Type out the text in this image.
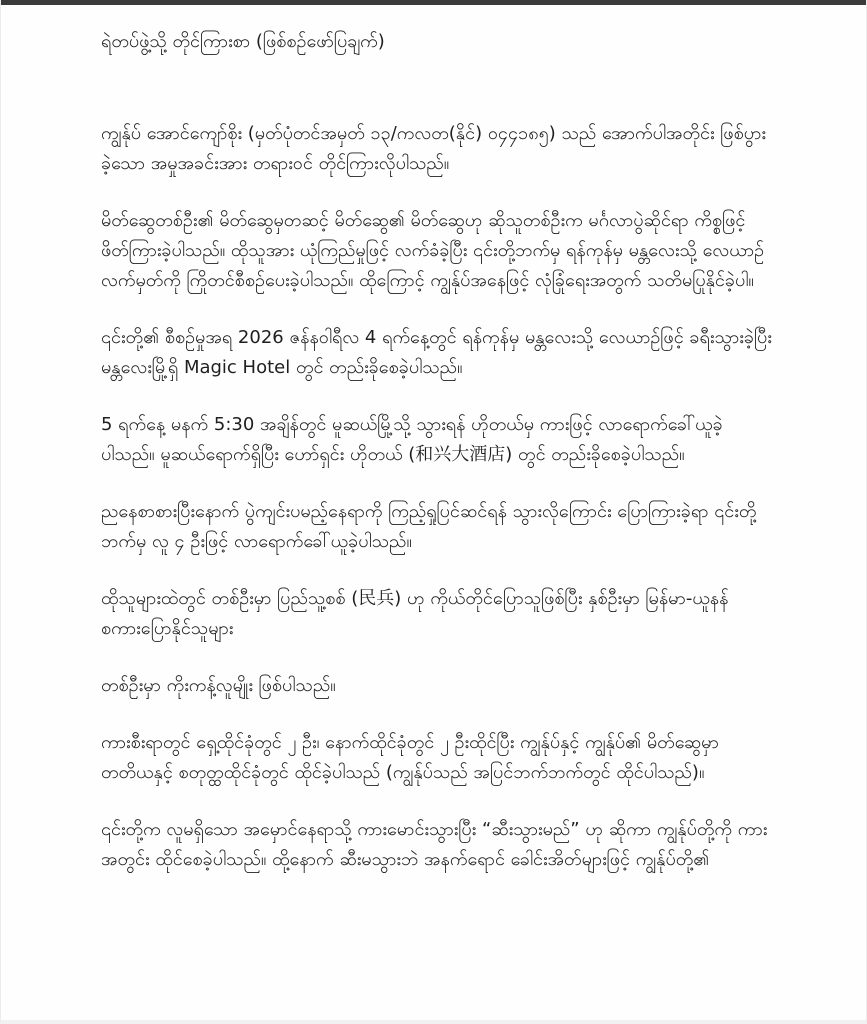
ရဲတပ်ဖွဲ့သို့ တိုင်ကြားစာ (ဖြစ်စဉ်ဖော်ပြချက်)

ကျွန်ုပ် အောင်ကျော်စိုး (မှတ်ပုံတင်အမှတ် ၁၃/ကလတ(နိုင်) ဝ၄၄၁၈၅) သည် အောက်ပါအတိုင်း ဖြစ်ပွားခဲ့သော အမှုအခင်းအား တရားဝင် တိုင်ကြားလိုပါသည်။

မိတ်ဆွေတစ်ဦး၏ မိတ်ဆွေမှတဆင့် မိတ်ဆွေ၏ မိတ်ဆွေဟု ဆိုသူတစ်ဦးက မင်္ဂလာပွဲဆိုင်ရာ ကိစ္စဖြင့် ဖိတ်ကြားခဲ့ပါသည်။ ထိုသူအား ယုံကြည်မှုဖြင့် လက်ခံခဲ့ပြီး ၎င်းတို့ဘက်မှ ရန်ကုန်မှ မန္တလေးသို့ လေယာဉ်လက်မှတ်ကို ကြိုတင်စီစဉ်ပေးခဲ့ပါသည်။ ထိုကြောင့် ကျွန်ုပ်အနေဖြင့် လုံခြုံရေးအတွက် သတိမပြုနိုင်ခဲ့ပါ။

၎င်းတို့၏ စီစဉ်မှုအရ 2026 ဇန်နဝါရီလ 4 ရက်နေ့တွင် ရန်ကုန်မှ မန္တလေးသို့ လေယာဉ်ဖြင့် ခရီးသွားခဲ့ပြီး မန္တလေးမြို့ရှိ Magic Hotel တွင် တည်းခိုစေခဲ့ပါသည်။

5 ရက်နေ့ မနက် 5:30 အချိန်တွင် မူဆယ်မြို့သို့ သွားရန် ဟိုတယ်မှ ကားဖြင့် လာရောက်ခေါ်ယူခဲ့ပါသည်။ မူဆယ်ရောက်ရှိပြီး ဟော်ရှင်း ဟိုတယ် (和兴大酒店) တွင် တည်းခိုစေခဲ့ပါသည်။

ညနေစာစားပြီးနောက် ပွဲကျင်းပမည့်နေရာကို ကြည့်ရှုပြင်ဆင်ရန် သွားလိုကြောင်း ပြောကြားခဲ့ရာ ၎င်းတို့ဘက်မှ လူ ၄ ဦးဖြင့် လာရောက်ခေါ်ယူခဲ့ပါသည်။

ထိုသူများထဲတွင် တစ်ဦးမှာ ပြည်သူ့စစ် (民兵) ဟု ကိုယ်တိုင်ပြောသူဖြစ်ပြီး နှစ်ဦးမှာ မြန်မာ-ယူနန် စကားပြောနိုင်သူများ

တစ်ဦးမှာ ကိုးကန့်လူမျိုး ဖြစ်ပါသည်။

ကားစီးရာတွင် ရှေ့ထိုင်ခုံတွင် ၂ ဦး၊ နောက်ထိုင်ခုံတွင် ၂ ဦးထိုင်ပြီး ကျွန်ုပ်နှင့် ကျွန်ုပ်၏ မိတ်ဆွေမှာ တတိယနှင့် စတုတ္ထထိုင်ခုံတွင် ထိုင်ခဲ့ပါသည် (ကျွန်ုပ်သည် အပြင်ဘက်ဘက်တွင် ထိုင်ပါသည်)။

၎င်းတို့က လူမရှိသော အမှောင်နေရာသို့ ကားမောင်းသွားပြီး “ဆီးသွားမည်” ဟု ဆိုကာ ကျွန်ုပ်တို့ကို ကားအတွင်း ထိုင်စေခဲ့ပါသည်။ ထို့နောက် ဆီးမသွားဘဲ အနက်ရောင် ခေါင်းအိတ်များဖြင့် ကျွန်ုပ်တို့၏
